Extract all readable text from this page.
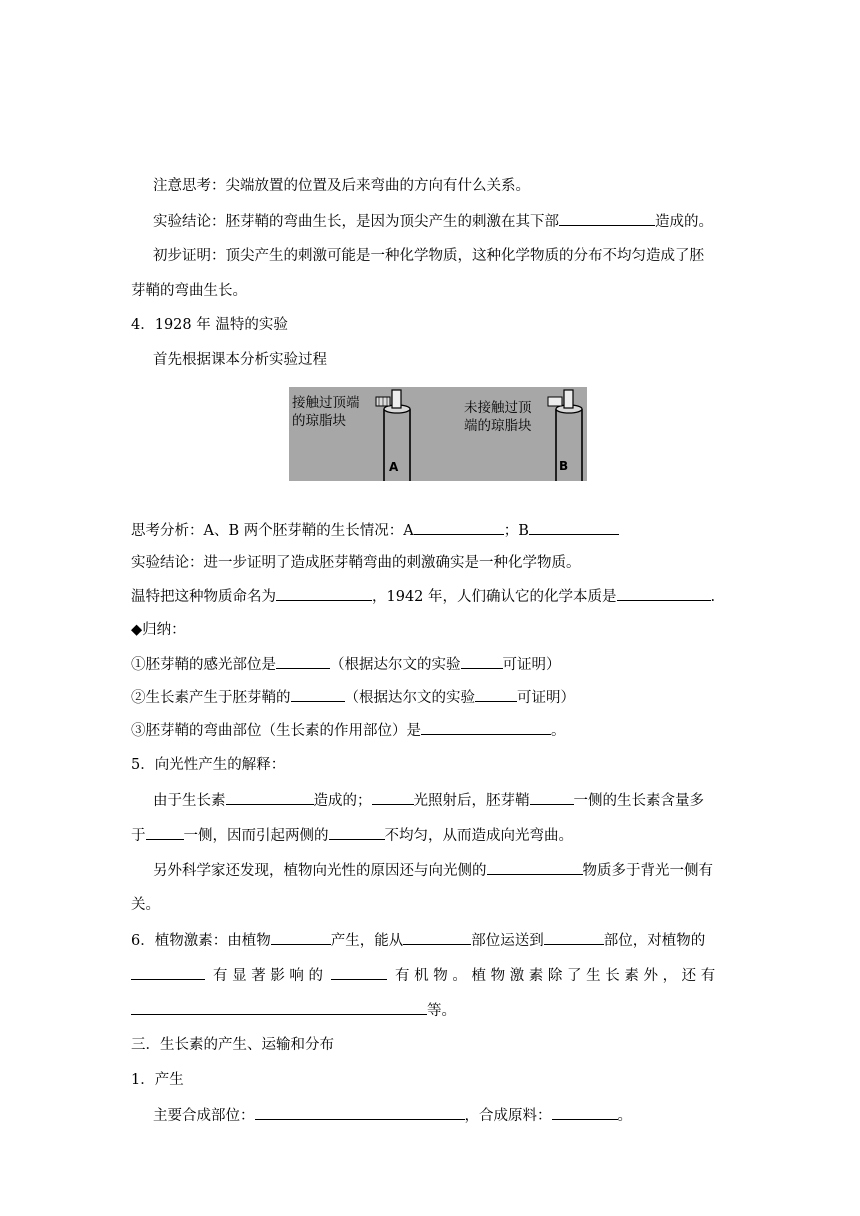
注意思考：尖端放置的位置及后来弯曲的方向有什么关系。
实验结论：胚芽鞘的弯曲生长，是因为顶尖产生的刺激在其下部	造成的。
初步证明：顶尖产生的刺激可能是一种化学物质，这种化学物质的分布不均匀造成了胚
芽鞘的弯曲生长。
4．1928 年 温特的实验
首先根据课本分析实验过程
接触过顶端
的琼脂块
未接触过顶
端的琼脂块
A	B
思考分析：A、B 两个胚芽鞘的生长情况：A	；B
实验结论：进一步证明了造成胚芽鞘弯曲的刺激确实是一种化学物质。
温特把这种物质命名为	，1942 年，人们确认它的化学本质是	.
◆归纳：
①胚芽鞘的感光部位是	（根据达尔文的实验	可证明）
②生长素产生于胚芽鞘的	（根据达尔文的实验	可证明）
③胚芽鞘的弯曲部位（生长素的作用部位）是	。
5．向光性产生的解释：
由于生长素	造成的；	光照射后，胚芽鞘	一侧的生长素含量多
于	一侧，因而引起两侧的	不均匀，从而造成向光弯曲。
另外科学家还发现，植物向光性的原因还与向光侧的	物质多于背光一侧有
关。
6．植物激素：由植物	产生，能从	部位运送到	部位，对植物的
有 显 著 影 响 的	有 机 物 。 植 物 激 素 除 了 生 长 素 外 ， 还 有
等。
三．生长素的产生、运输和分布
1．产生
主要合成部位：	，合成原料：	。
